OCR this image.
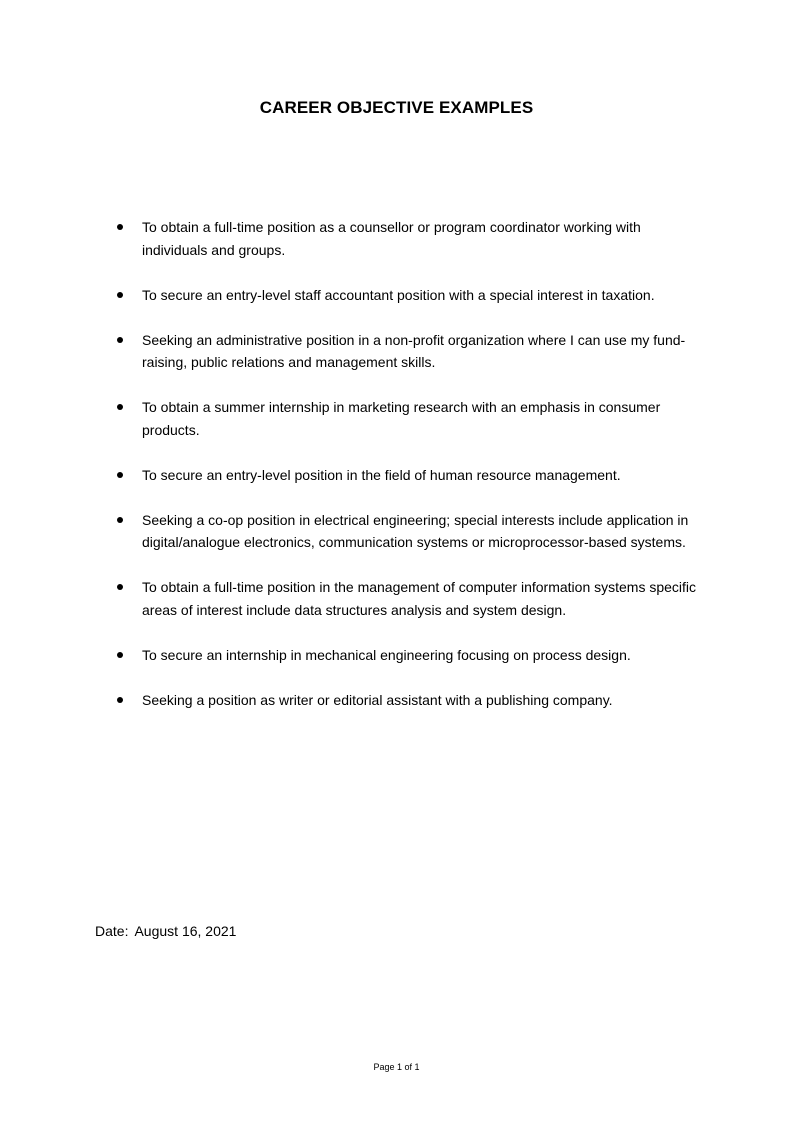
CAREER OBJECTIVE EXAMPLES
To obtain a full-time position as a counsellor or program coordinator working with individuals and groups.
To secure an entry-level staff accountant position with a special interest in taxation.
Seeking an administrative position in a non-profit organization where I can use my fund-raising, public relations and management skills.
To obtain a summer internship in marketing research with an emphasis in consumer products.
To secure an entry-level position in the field of human resource management.
Seeking a co-op position in electrical engineering; special interests include application in digital/analogue electronics, communication systems or microprocessor-based systems.
To obtain a full-time position in the management of computer information systems specific areas of interest include data structures analysis and system design.
To secure an internship in mechanical engineering focusing on process design.
Seeking a position as writer or editorial assistant with a publishing company.
Date: August 16, 2021
Page 1 of 1
